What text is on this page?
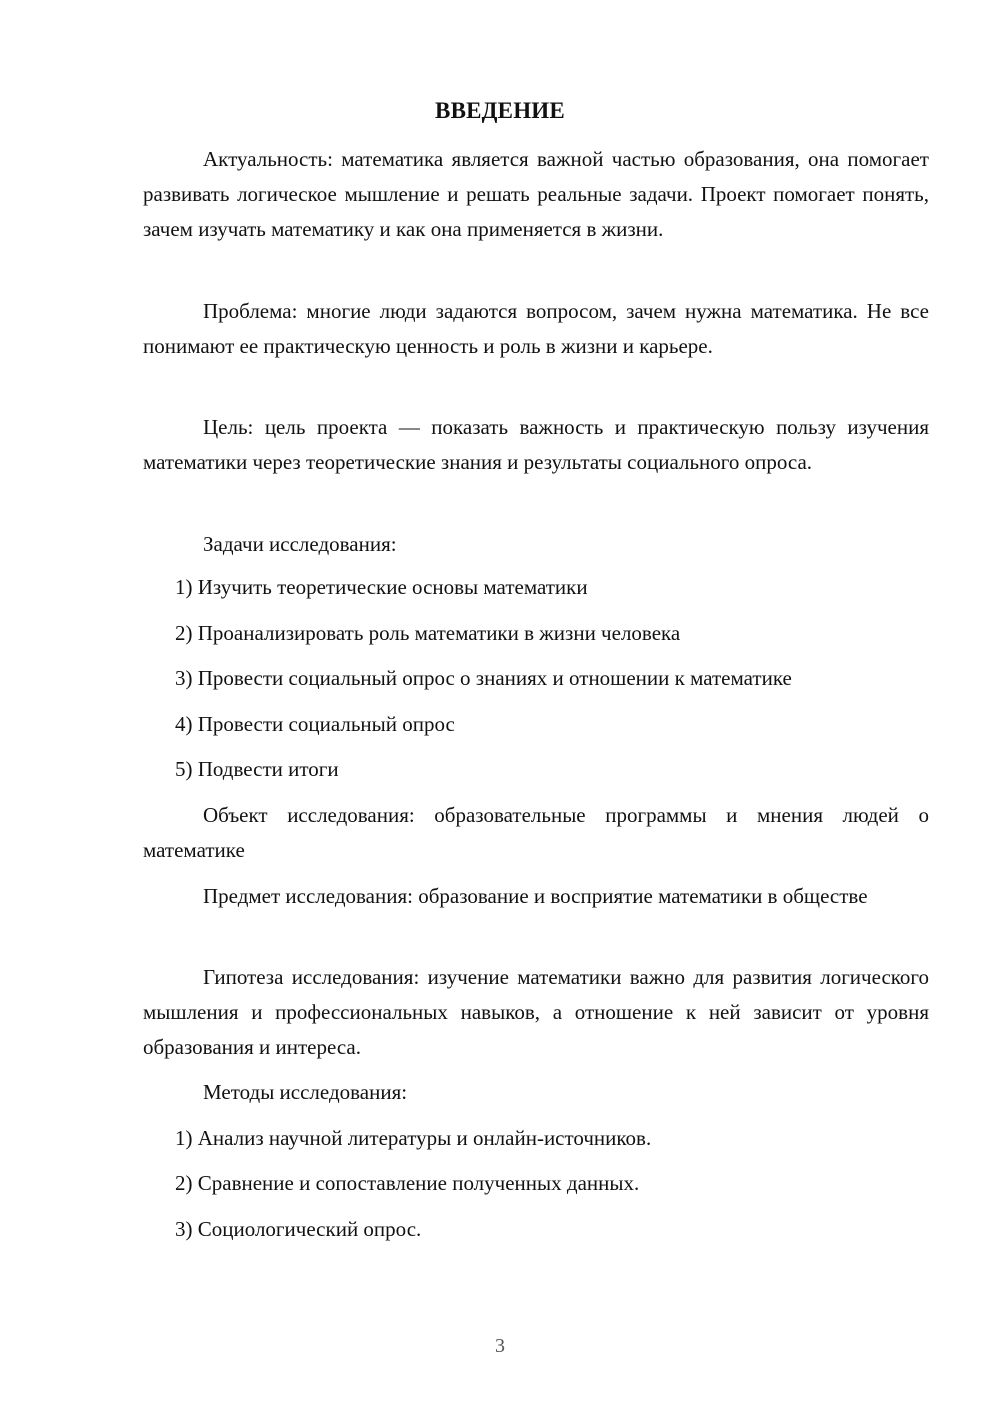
ВВЕДЕНИЕ
Актуальность: математика является важной частью образования, она помогает развивать логическое мышление и решать реальные задачи. Проект помогает понять, зачем изучать математику и как она применяется в жизни.
Проблема: многие люди задаются вопросом, зачем нужна математика. Не все понимают ее практическую ценность и роль в жизни и карьере.
Цель: цель проекта — показать важность и практическую пользу изучения математики через теоретические знания и результаты социального опроса.
Задачи исследования:
1) Изучить теоретические основы математики
2) Проанализировать роль математики в жизни человека
3) Провести социальный опрос о знаниях и отношении к математике
4) Провести социальный опрос
5) Подвести итоги
Объект исследования: образовательные программы и мнения людей о математике
Предмет исследования: образование и восприятие математики в обществе
Гипотеза исследования: изучение математики важно для развития логического мышления и профессиональных навыков, а отношение к ней зависит от уровня образования и интереса.
Методы исследования:
1) Анализ научной литературы и онлайн-источников.
2) Сравнение и сопоставление полученных данных.
3) Социологический опрос.
3
